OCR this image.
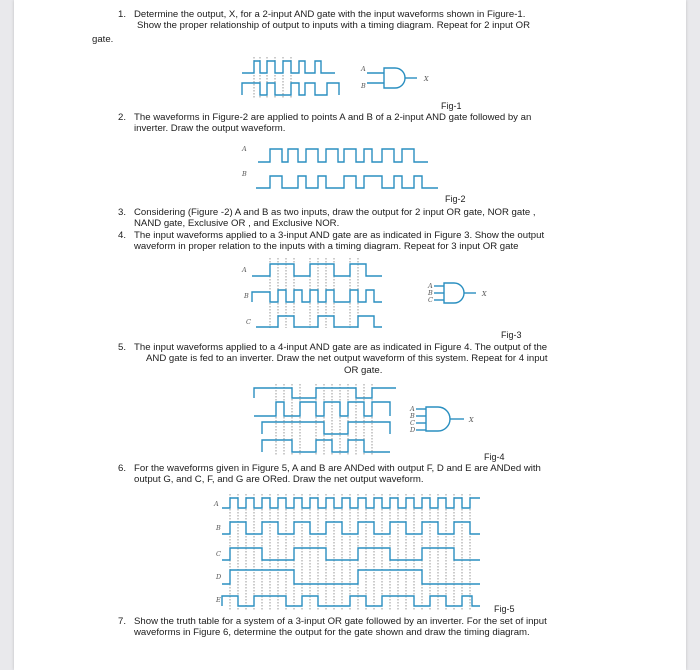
1. Determine the output, X, for a 2-input AND gate with the input waveforms shown in Figure-1.
Show the proper relationship of output to inputs with a timing diagram. Repeat for 2 input OR
gate.
A
B
X
Fig-1
2. The waveforms in Figure-2 are applied to points A and B of a 2-input AND gate followed by an
inverter. Draw the output waveform.
A
B
Fig-2
3. Considering (Figure -2) A and B as two inputs, draw the output for 2 input OR gate, NOR gate ,
NAND gate, Exclusive OR , and Exclusive NOR.
4. The input waveforms applied to a 3-input AND gate are as indicated in Figure 3. Show the output
waveform in proper relation to the inputs with a timing diagram. Repeat for 3 input OR gate
A
B
C
A
B
C
X
Fig-3
5. The input waveforms applied to a 4-input AND gate are as indicated in Figure 4. The output of the
AND gate is fed to an inverter. Draw the net output waveform of this system. Repeat for 4 input
OR gate.
A
B
C
D
X
Fig-4
6. For the waveforms given in Figure 5, A and B are ANDed with output F, D and E are ANDed with
output G, and C, F, and G are ORed. Draw the net output waveform.
A
B
C
D
E
Fig-5
7. Show the truth table for a system of a 3-input OR gate followed by an inverter. For the set of input
waveforms in Figure 6, determine the output for the gate shown and draw the timing diagram.
